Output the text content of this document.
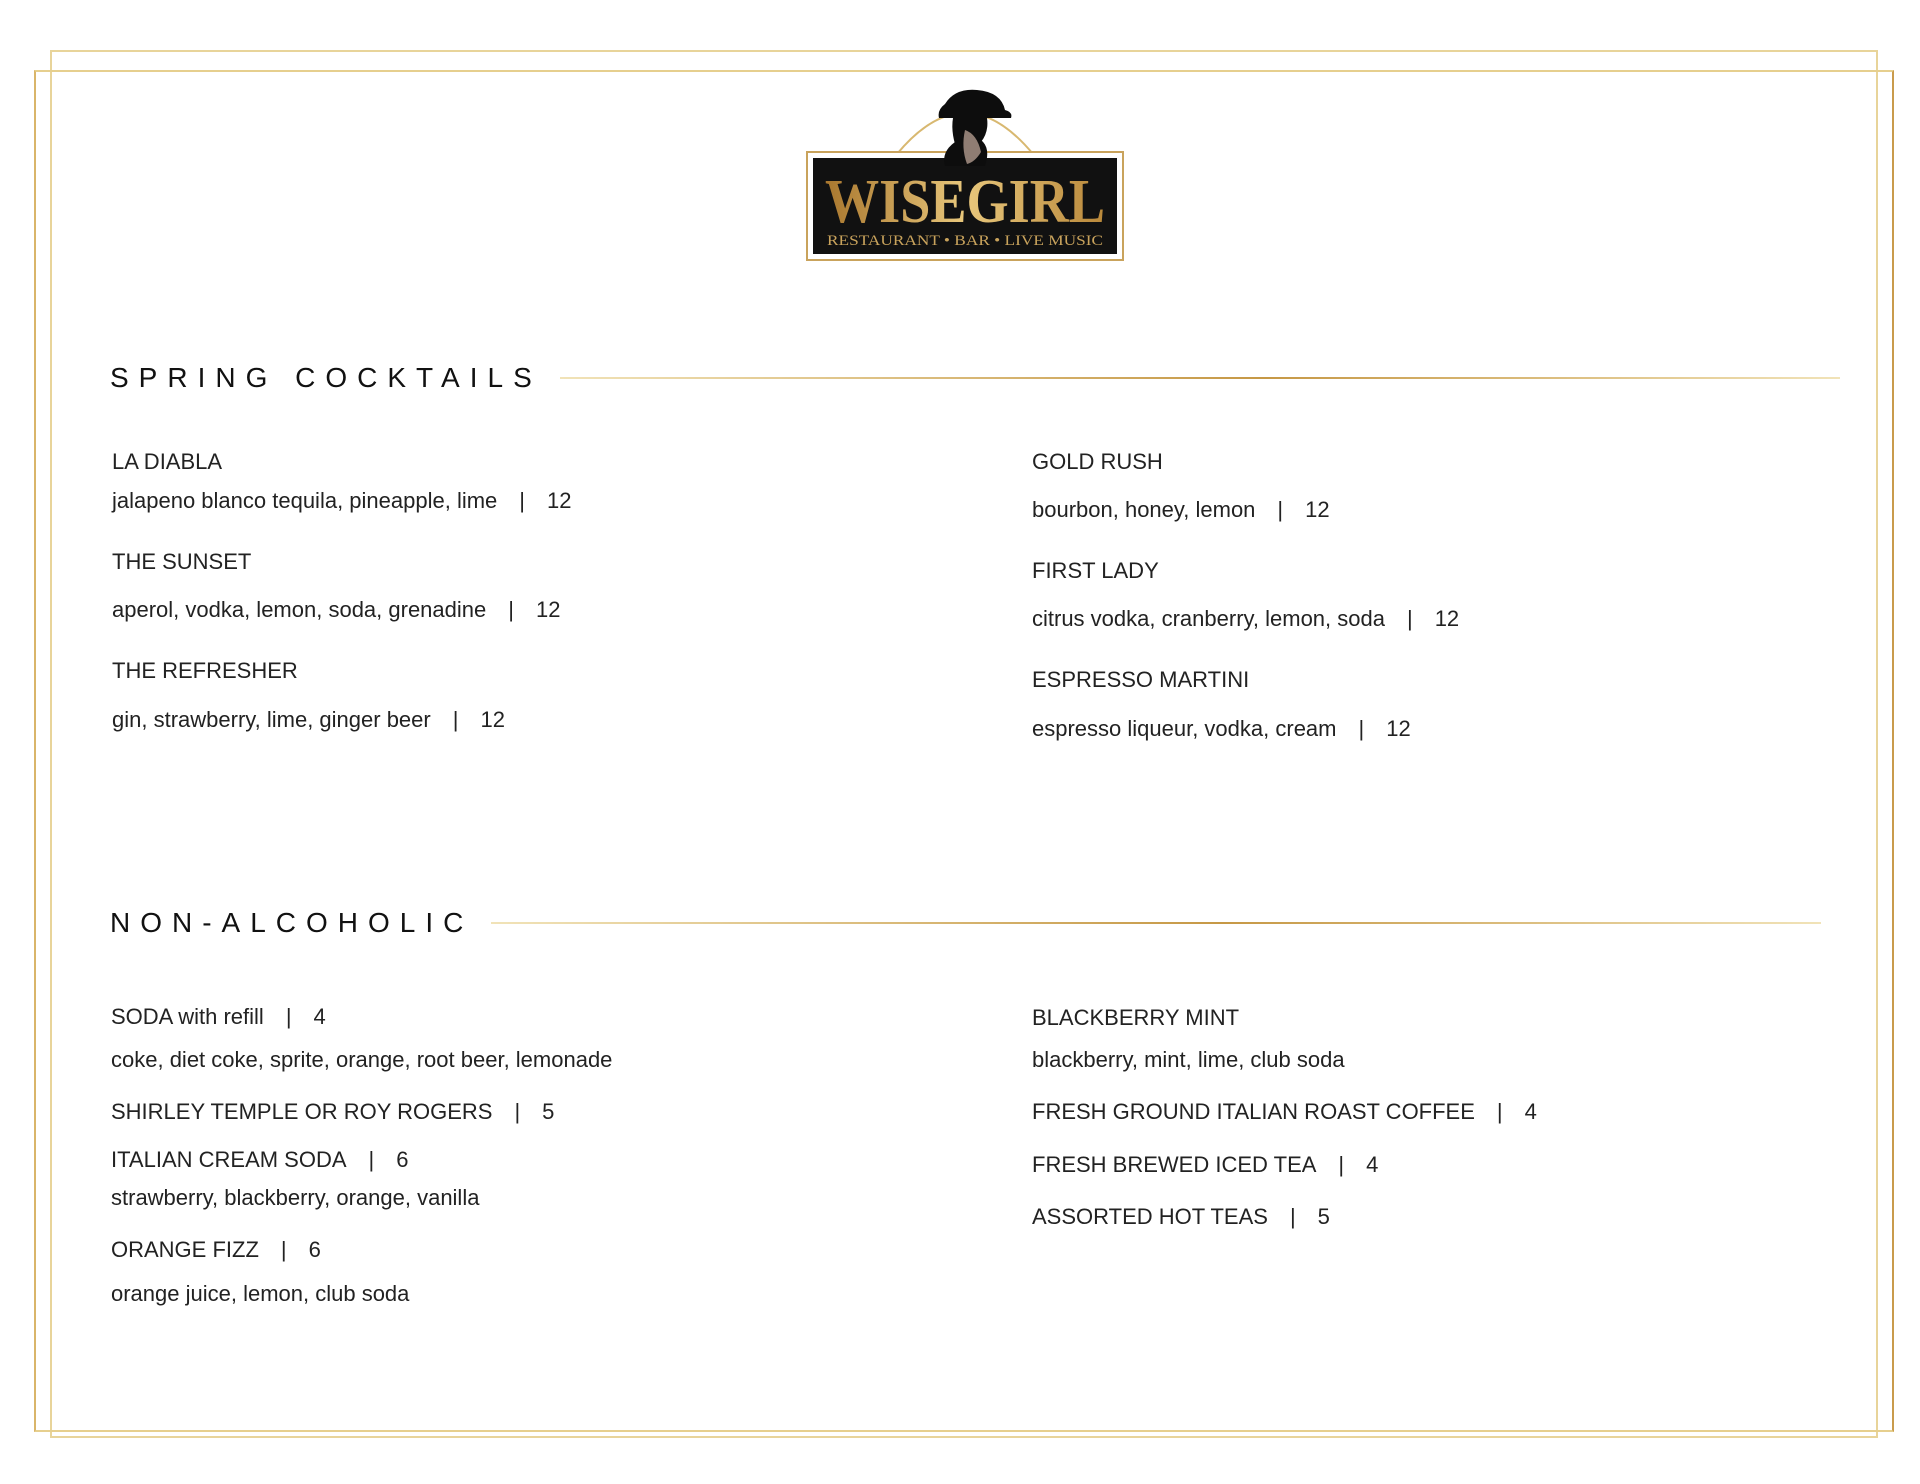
WISEGIRL
RESTAURANT • BAR • LIVE MUSIC
SPRING COCKTAILS
LA DIABLA
jalapeno blanco tequila, pineapple, lime | 12
THE SUNSET
aperol, vodka, lemon, soda, grenadine | 12
THE REFRESHER
gin, strawberry, lime, ginger beer | 12
GOLD RUSH
bourbon, honey, lemon | 12
FIRST LADY
citrus vodka, cranberry, lemon, soda | 12
ESPRESSO MARTINI
espresso liqueur, vodka, cream | 12
NON-ALCOHOLIC
SODA with refill | 4
coke, diet coke, sprite, orange, root beer, lemonade
SHIRLEY TEMPLE OR ROY ROGERS | 5
ITALIAN CREAM SODA | 6
strawberry, blackberry, orange, vanilla
ORANGE FIZZ | 6
orange juice, lemon, club soda
BLACKBERRY MINT
blackberry, mint, lime, club soda
FRESH GROUND ITALIAN ROAST COFFEE | 4
FRESH BREWED ICED TEA | 4
ASSORTED HOT TEAS | 5
